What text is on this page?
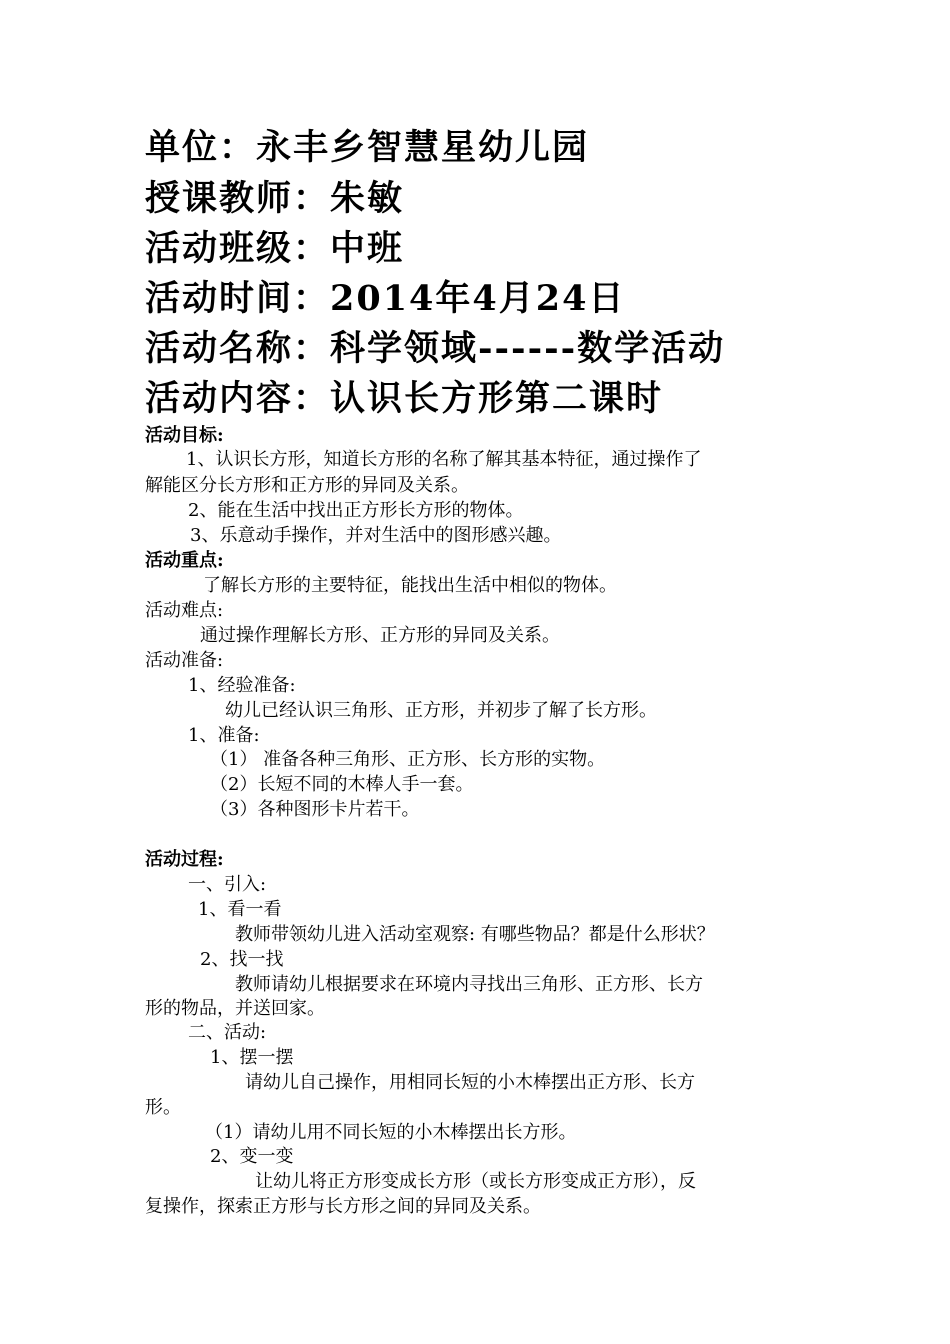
单位：永丰乡智慧星幼儿园
授课教师：朱敏
活动班级：中班
活动时间：2014年4月24日
活动名称：科学领域------数学活动
活动内容：认识长方形第二课时
活动目标:
1、认识长方形，知道长方形的名称了解其基本特征，通过操作了
解能区分长方形和正方形的异同及关系。
2、能在生活中找出正方形长方形的物体。
3、乐意动手操作，并对生活中的图形感兴趣。
活动重点:
了解长方形的主要特征，能找出生活中相似的物体。
活动难点:
通过操作理解长方形、正方形的异同及关系。
活动准备:
1、经验准备:
幼儿已经认识三角形、正方形，并初步了解了长方形。
1、准备:
（1） 准备各种三角形、正方形、长方形的实物。
（2）长短不同的木棒人手一套。
（3）各种图形卡片若干。
活动过程:
一、引入:
1、看一看
教师带领幼儿进入活动室观察: 有哪些物品？都是什么形状？
2、找一找
教师请幼儿根据要求在环境内寻找出三角形、正方形、长方
形的物品，并送回家。
二、活动:
1、摆一摆
请幼儿自己操作，用相同长短的小木棒摆出正方形、长方
形。
（1）请幼儿用不同长短的小木棒摆出长方形。
2、变一变
让幼儿将正方形变成长方形（或长方形变成正方形），反
复操作，探索正方形与长方形之间的异同及关系。
